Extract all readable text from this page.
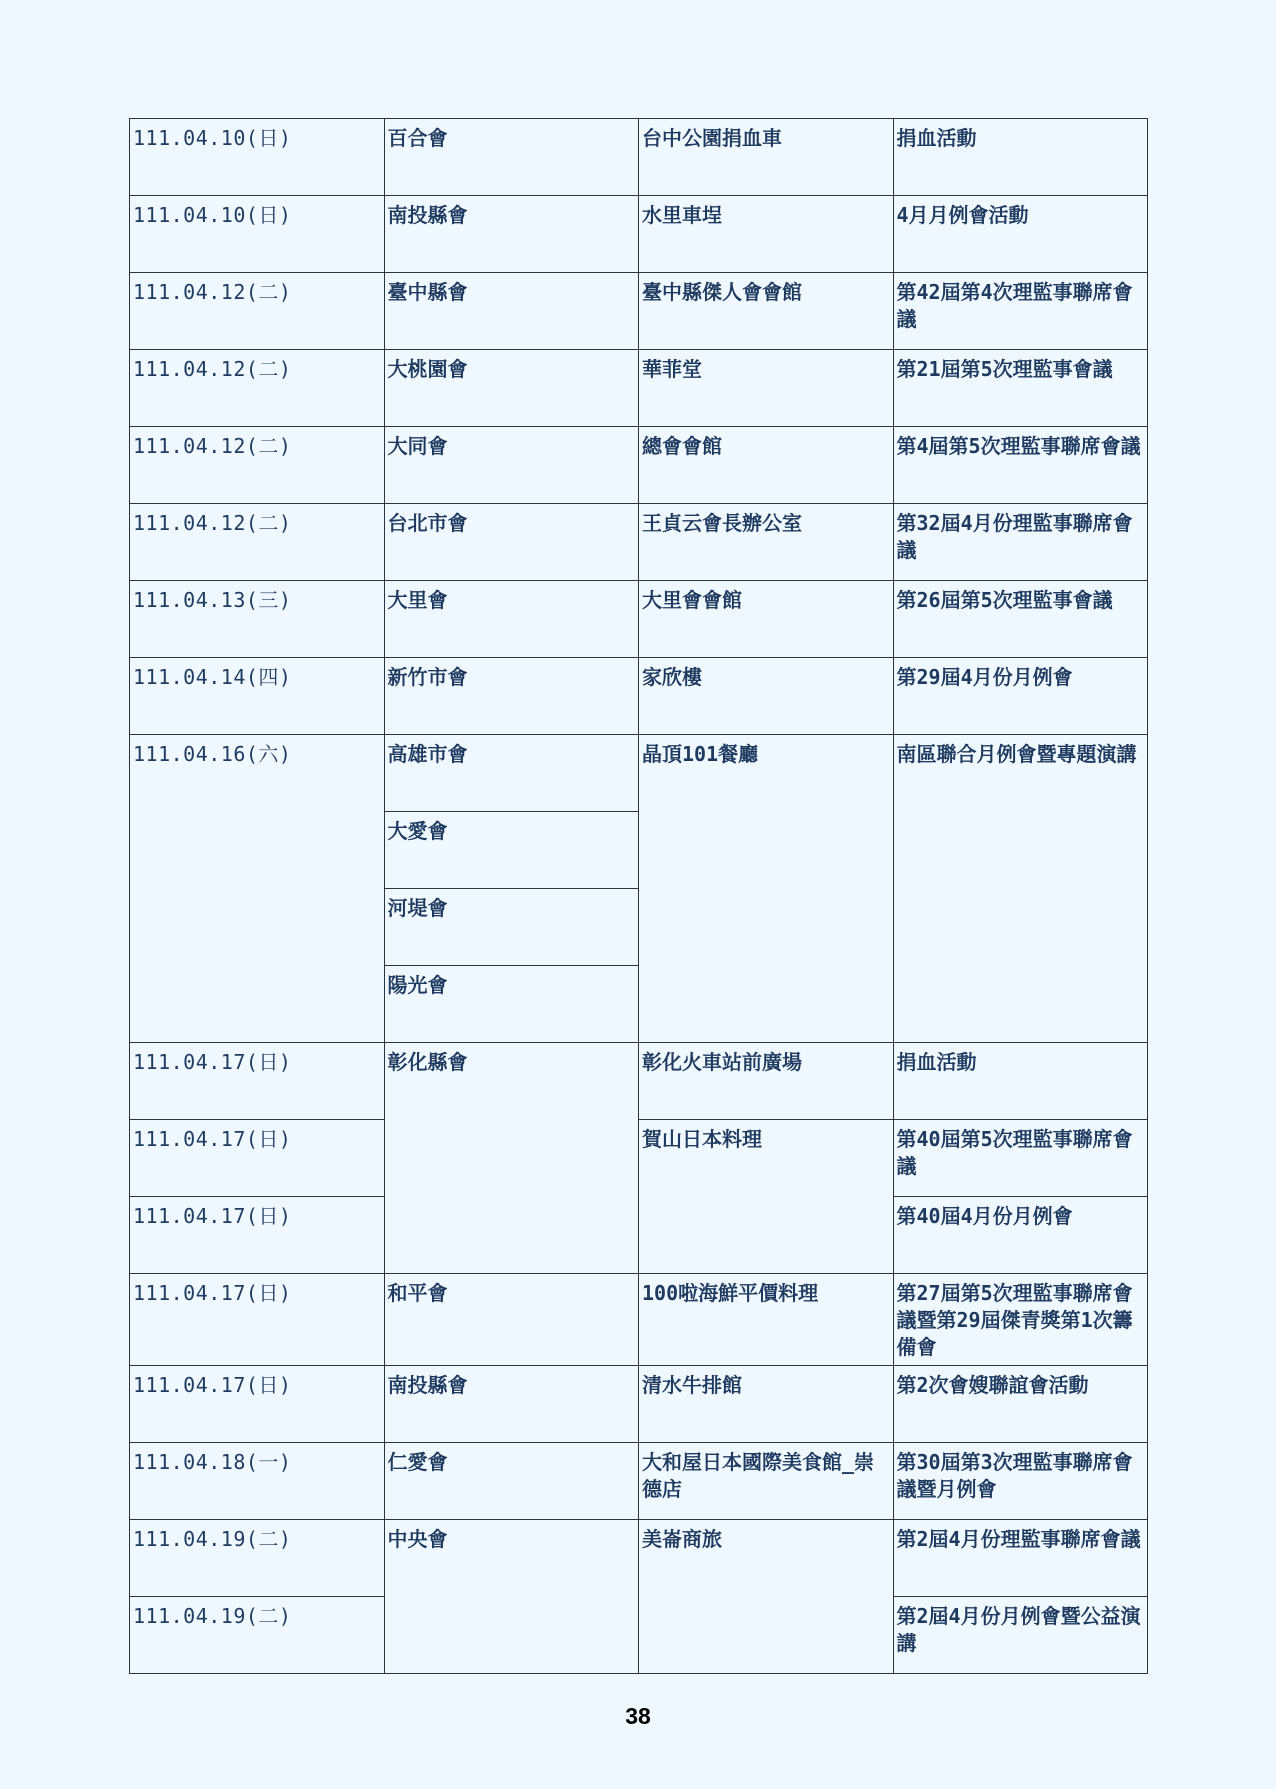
111.04.10(日)	百合會	台中公園捐血車	捐血活動
111.04.10(日)	南投縣會	水里車埕	4月月例會活動
111.04.12(二)	臺中縣會	臺中縣傑人會會館	第42屆第4次理監事聯席會議
111.04.12(二)	大桃園會	華菲堂	第21屆第5次理監事會議
111.04.12(二)	大同會	總會會館	第4屆第5次理監事聯席會議
111.04.12(二)	台北市會	王貞云會長辦公室	第32屆4月份理監事聯席會議
111.04.13(三)	大里會	大里會會館	第26屆第5次理監事會議
111.04.14(四)	新竹市會	家欣樓	第29屆4月份月例會
111.04.16(六)	高雄市會	晶頂101餐廳	南區聯合月例會暨專題演講
	大愛會		
	河堤會		
	陽光會		
111.04.17(日)	彰化縣會	彰化火車站前廣場	捐血活動
111.04.17(日)		賀山日本料理	第40屆第5次理監事聯席會議
111.04.17(日)			第40屆4月份月例會
111.04.17(日)	和平會	100啦海鮮平價料理	第27屆第5次理監事聯席會議暨第29屆傑青獎第1次籌備會
111.04.17(日)	南投縣會	清水牛排館	第2次會嫂聯誼會活動
111.04.18(一)	仁愛會	大和屋日本國際美食館_崇德店	第30屆第3次理監事聯席會議暨月例會
111.04.19(二)	中央會	美崙商旅	第2屆4月份理監事聯席會議
111.04.19(二)			第2屆4月份月例會暨公益演講
38
